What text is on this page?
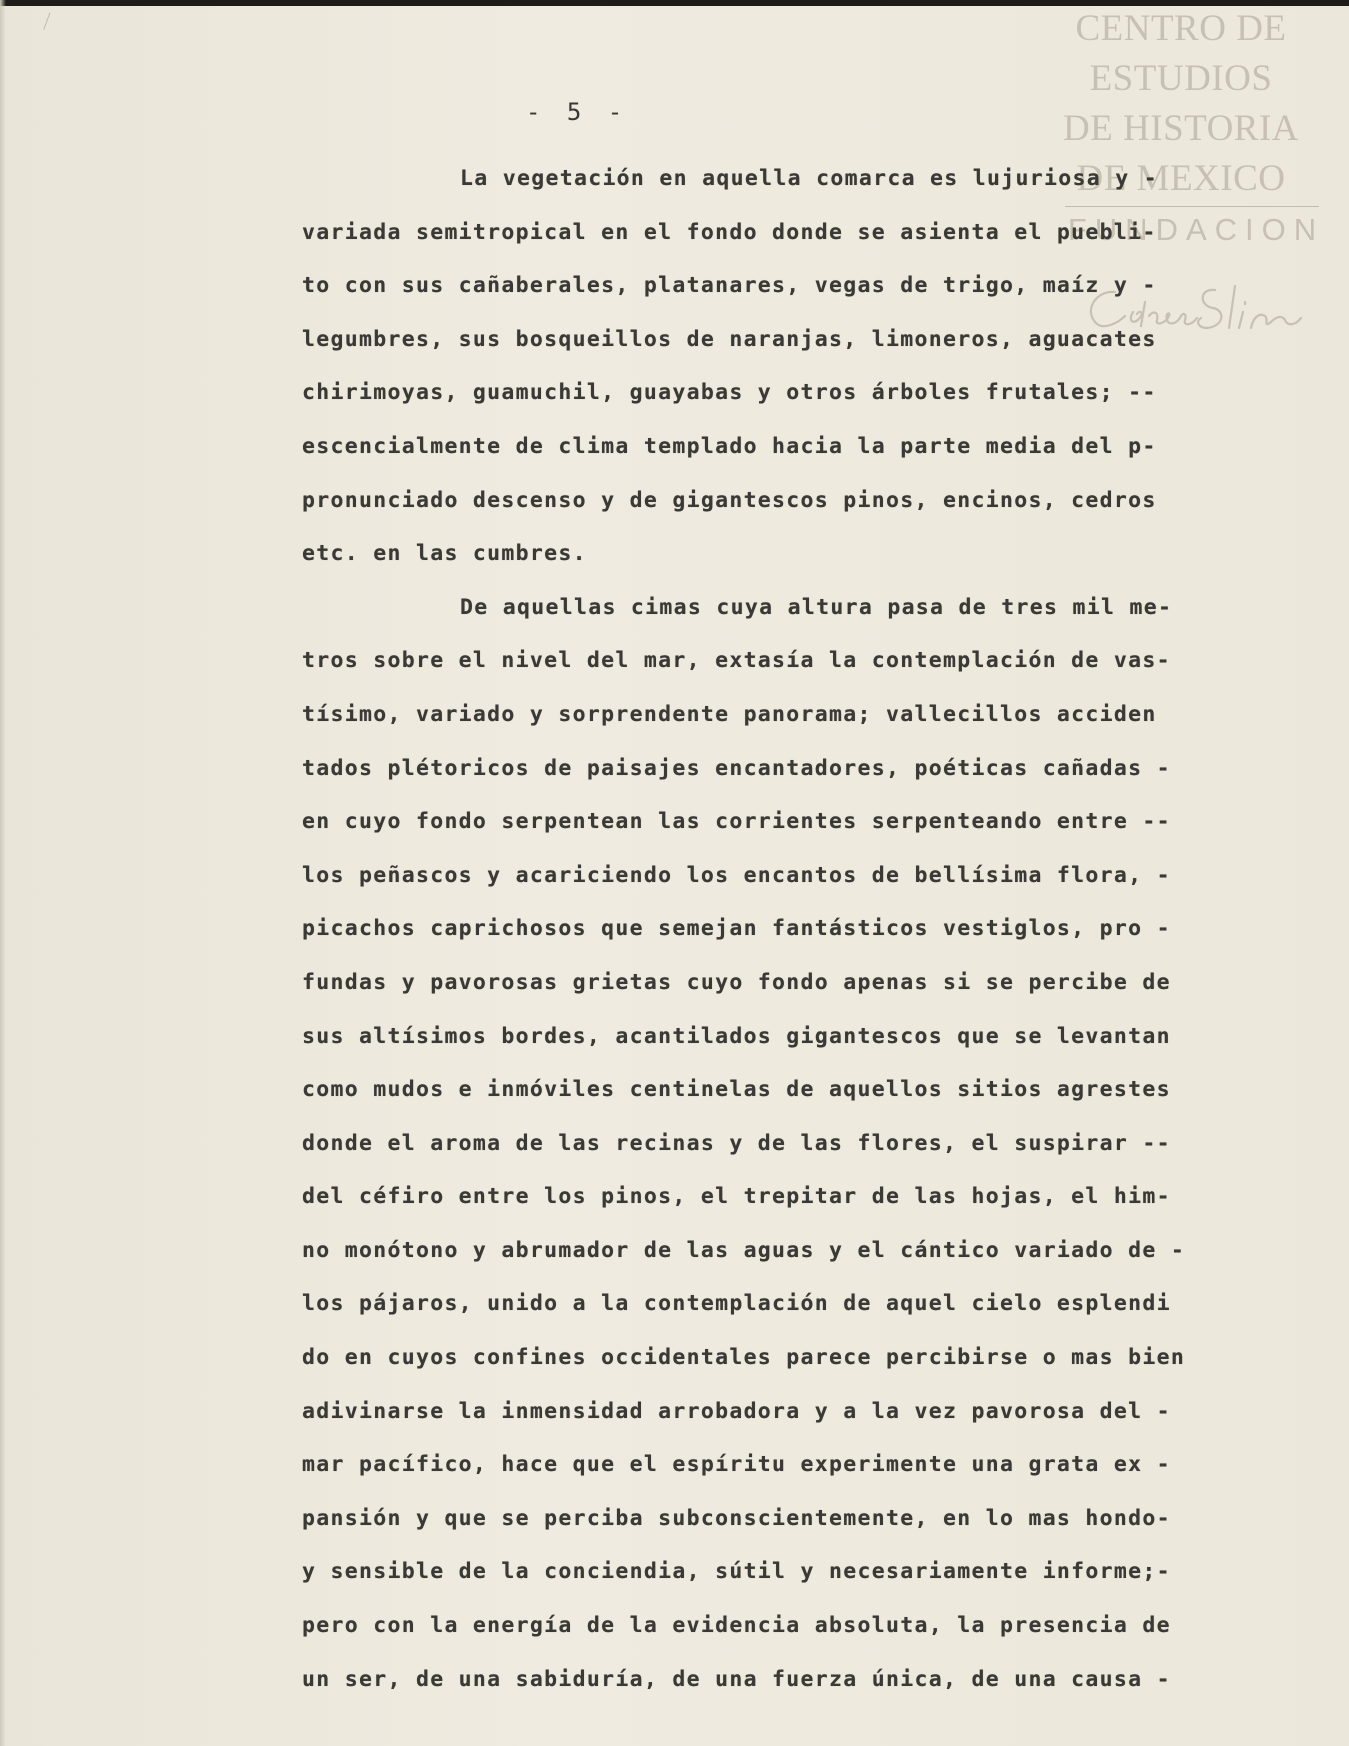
CENTRO DE
ESTUDIOS
DE HISTORIA
DE MEXICO
FUNDACION
- 5 -
La vegetación en aquella comarca es lujuriosa y -
variada semitropical en el fondo donde se asienta el puebli-
to con sus cañaberales, platanares, vegas de trigo, maíz y -
legumbres, sus bosqueillos de naranjas, limoneros, aguacates
chirimoyas, guamuchil, guayabas y otros árboles frutales; --
escencialmente de clima templado hacia la parte media del p-
pronunciado descenso y de gigantescos pinos, encinos, cedros
etc. en las cumbres.
De aquellas cimas cuya altura pasa de tres mil me-
tros sobre el nivel del mar, extasía la contemplación de vas-
tísimo, variado y sorprendente panorama; vallecillos acciden
tados plétoricos de paisajes encantadores, poéticas cañadas -
en cuyo fondo serpentean las corrientes serpenteando entre --
los peñascos y acariciendo los encantos de bellísima flora, -
picachos caprichosos que semejan fantásticos vestiglos, pro -
fundas y pavorosas grietas cuyo fondo apenas si se percibe de
sus altísimos bordes, acantilados gigantescos que se levantan
como mudos e inmóviles centinelas de aquellos sitios agrestes
donde el aroma de las recinas y de las flores, el suspirar --
del céfiro entre los pinos, el trepitar de las hojas, el him-
no monótono y abrumador de las aguas y el cántico variado de -
los pájaros, unido a la contemplación de aquel cielo esplendi
do en cuyos confines occidentales parece percibirse o mas bien
adivinarse la inmensidad arrobadora y a la vez pavorosa del -
mar pacífico, hace que el espíritu experimente una grata ex -
pansión y que se perciba subconscientemente, en lo mas hondo-
y sensible de la conciendia, sútil y necesariamente informe;-
pero con la energía de la evidencia absoluta, la presencia de
un ser, de una sabiduría, de una fuerza única, de una causa -
